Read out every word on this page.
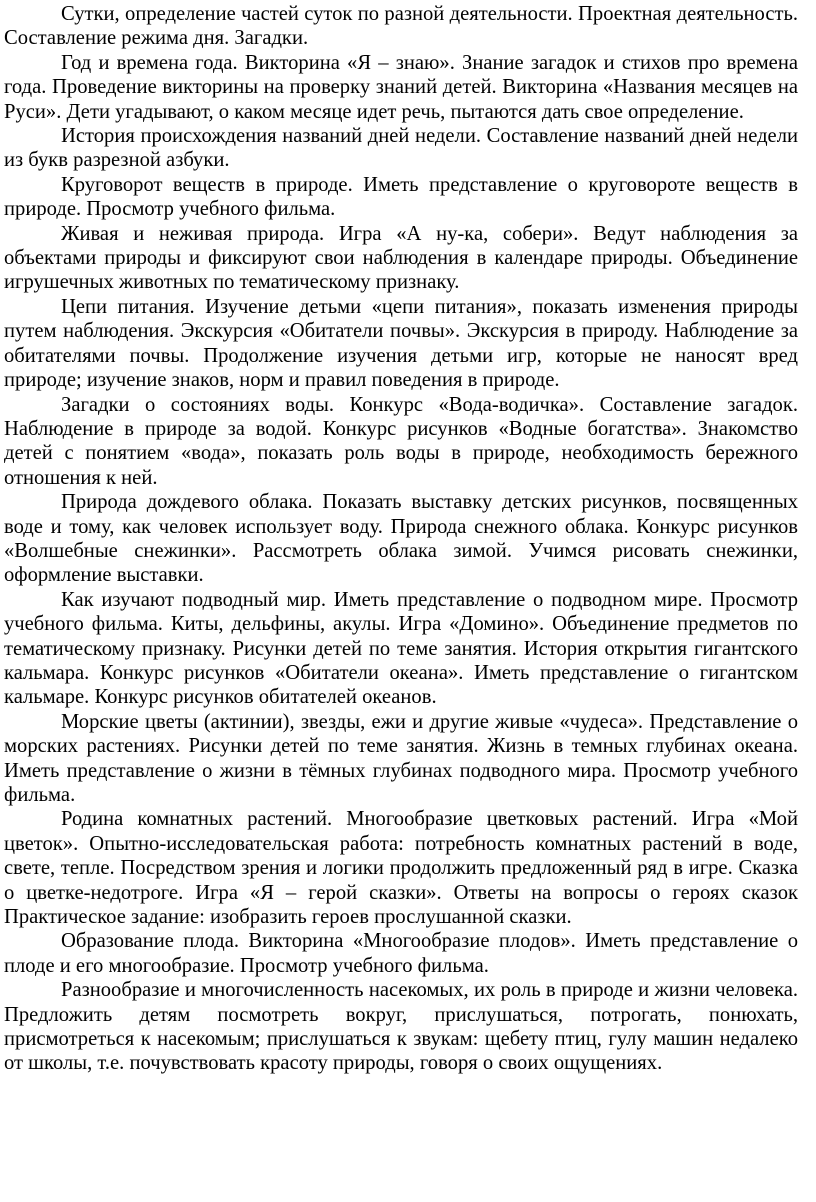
Сутки, определение частей суток по разной деятельности. Проектная деятельность. Составление режима дня. Загадки.

Год и времена года. Викторина «Я – знаю». Знание загадок и стихов про времена года. Проведение викторины на проверку знаний детей. Викторина «Названия месяцев на Руси». Дети угадывают, о каком месяце идет речь, пытаются дать свое определение.

История происхождения названий дней недели. Составление названий дней недели из букв разрезной азбуки.

Круговорот веществ в природе. Иметь представление о круговороте веществ в природе. Просмотр учебного фильма.

Живая и неживая природа. Игра «А ну-ка, собери». Ведут наблюдения за объектами природы и фиксируют свои наблюдения в календаре природы. Объединение игрушечных животных по тематическому признаку.

Цепи питания. Изучение детьми «цепи питания», показать изменения природы путем наблюдения. Экскурсия «Обитатели почвы». Экскурсия в природу. Наблюдение за обитателями почвы. Продолжение изучения детьми игр, которые не наносят вред природе; изучение знаков, норм и правил поведения в природе.

Загадки о состояниях воды. Конкурс «Вода-водичка». Составление загадок. Наблюдение в природе за водой. Конкурс рисунков «Водные богатства». Знакомство детей с понятием «вода», показать роль воды в природе, необходимость бережного отношения к ней.

Природа дождевого облака. Показать выставку детских рисунков, посвященных воде и тому, как человек использует воду. Природа снежного облака. Конкурс рисунков «Волшебные снежинки». Рассмотреть облака зимой. Учимся рисовать снежинки, оформление выставки.

Как изучают подводный мир. Иметь представление о подводном мире. Просмотр учебного фильма. Киты, дельфины, акулы. Игра «Домино». Объединение предметов по тематическому признаку. Рисунки детей по теме занятия. История открытия гигантского кальмара. Конкурс рисунков «Обитатели океана». Иметь представление о гигантском кальмаре. Конкурс рисунков обитателей океанов.

Морские цветы (актинии), звезды, ежи и другие живые «чудеса». Представление о морских растениях. Рисунки детей по теме занятия. Жизнь в темных глубинах океана. Иметь представление о жизни в тёмных глубинах подводного мира. Просмотр учебного фильма.

Родина комнатных растений. Многообразие цветковых растений. Игра «Мой цветок». Опытно-исследовательская работа: потребность комнатных растений в воде, свете, тепле. Посредством зрения и логики продолжить предложенный ряд в игре. Сказка о цветке-недотроге. Игра «Я – герой сказки». Ответы на вопросы о героях сказок Практическое задание: изобразить героев прослушанной сказки.

Образование плода. Викторина «Многообразие плодов». Иметь представление о плоде и его многообразие. Просмотр учебного фильма.

Разнообразие и многочисленность насекомых, их роль в природе и жизни человека. Предложить детям посмотреть вокруг, прислушаться, потрогать, понюхать, присмотреться к насекомым; прислушаться к звукам: щебету птиц, гулу машин недалеко от школы, т.е. почувствовать красоту природы, говоря о своих ощущениях.
